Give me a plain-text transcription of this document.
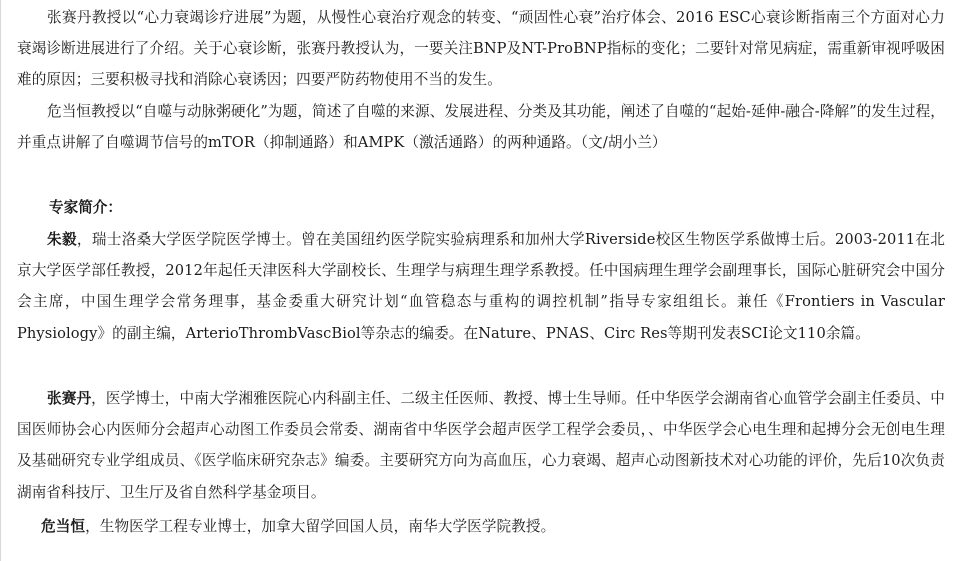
张赛丹教授以“心力衰竭诊疗进展”为题，从慢性心衰治疗观念的转变、“顽固性心衰”治疗体会、2016 ESC心衰诊断指南三个方面对心力衰竭诊断进展进行了介绍。关于心衰诊断，张赛丹教授认为，一要关注BNP及NT-ProBNP指标的变化；二要针对常见病症，需重新审视呼吸困难的原因；三要积极寻找和消除心衰诱因；四要严防药物使用不当的发生。

危当恒教授以“自噬与动脉粥硬化”为题，简述了自噬的来源、发展进程、分类及其功能，阐述了自噬的“起始-延伸-融合-降解”的发生过程，并重点讲解了自噬调节信号的mTOR（抑制通路）和AMPK（激活通路）的两种通路。（文/胡小兰）

专家简介：

朱毅，瑞士洛桑大学医学院医学博士。曾在美国纽约医学院实验病理系和加州大学Riverside校区生物医学系做博士后。2003-2011在北京大学医学部任教授，2012年起任天津医科大学副校长、生理学与病理生理学系教授。任中国病理生理学会副理事长，国际心脏研究会中国分会主席，中国生理学会常务理事，基金委重大研究计划“血管稳态与重构的调控机制”指导专家组组长。兼任《Frontiers in Vascular Physiology》的副主编，ArterioThrombVascBiol等杂志的编委。在Nature、PNAS、Circ Res等期刊发表SCI论文110余篇。

张赛丹，医学博士，中南大学湘雅医院心内科副主任、二级主任医师、教授、博士生导师。任中华医学会湖南省心血管学会副主任委员、中国医师协会心内医师分会超声心动图工作委员会常委、湖南省中华医学会超声医学工程学会委员，、中华医学会心电生理和起搏分会无创电生理及基础研究专业学组成员、《医学临床研究杂志》编委。主要研究方向为高血压，心力衰竭、超声心动图新技术对心功能的评价，先后10次负责湖南省科技厅、卫生厅及省自然科学基金项目。

危当恒，生物医学工程专业博士，加拿大留学回国人员，南华大学医学院教授。
